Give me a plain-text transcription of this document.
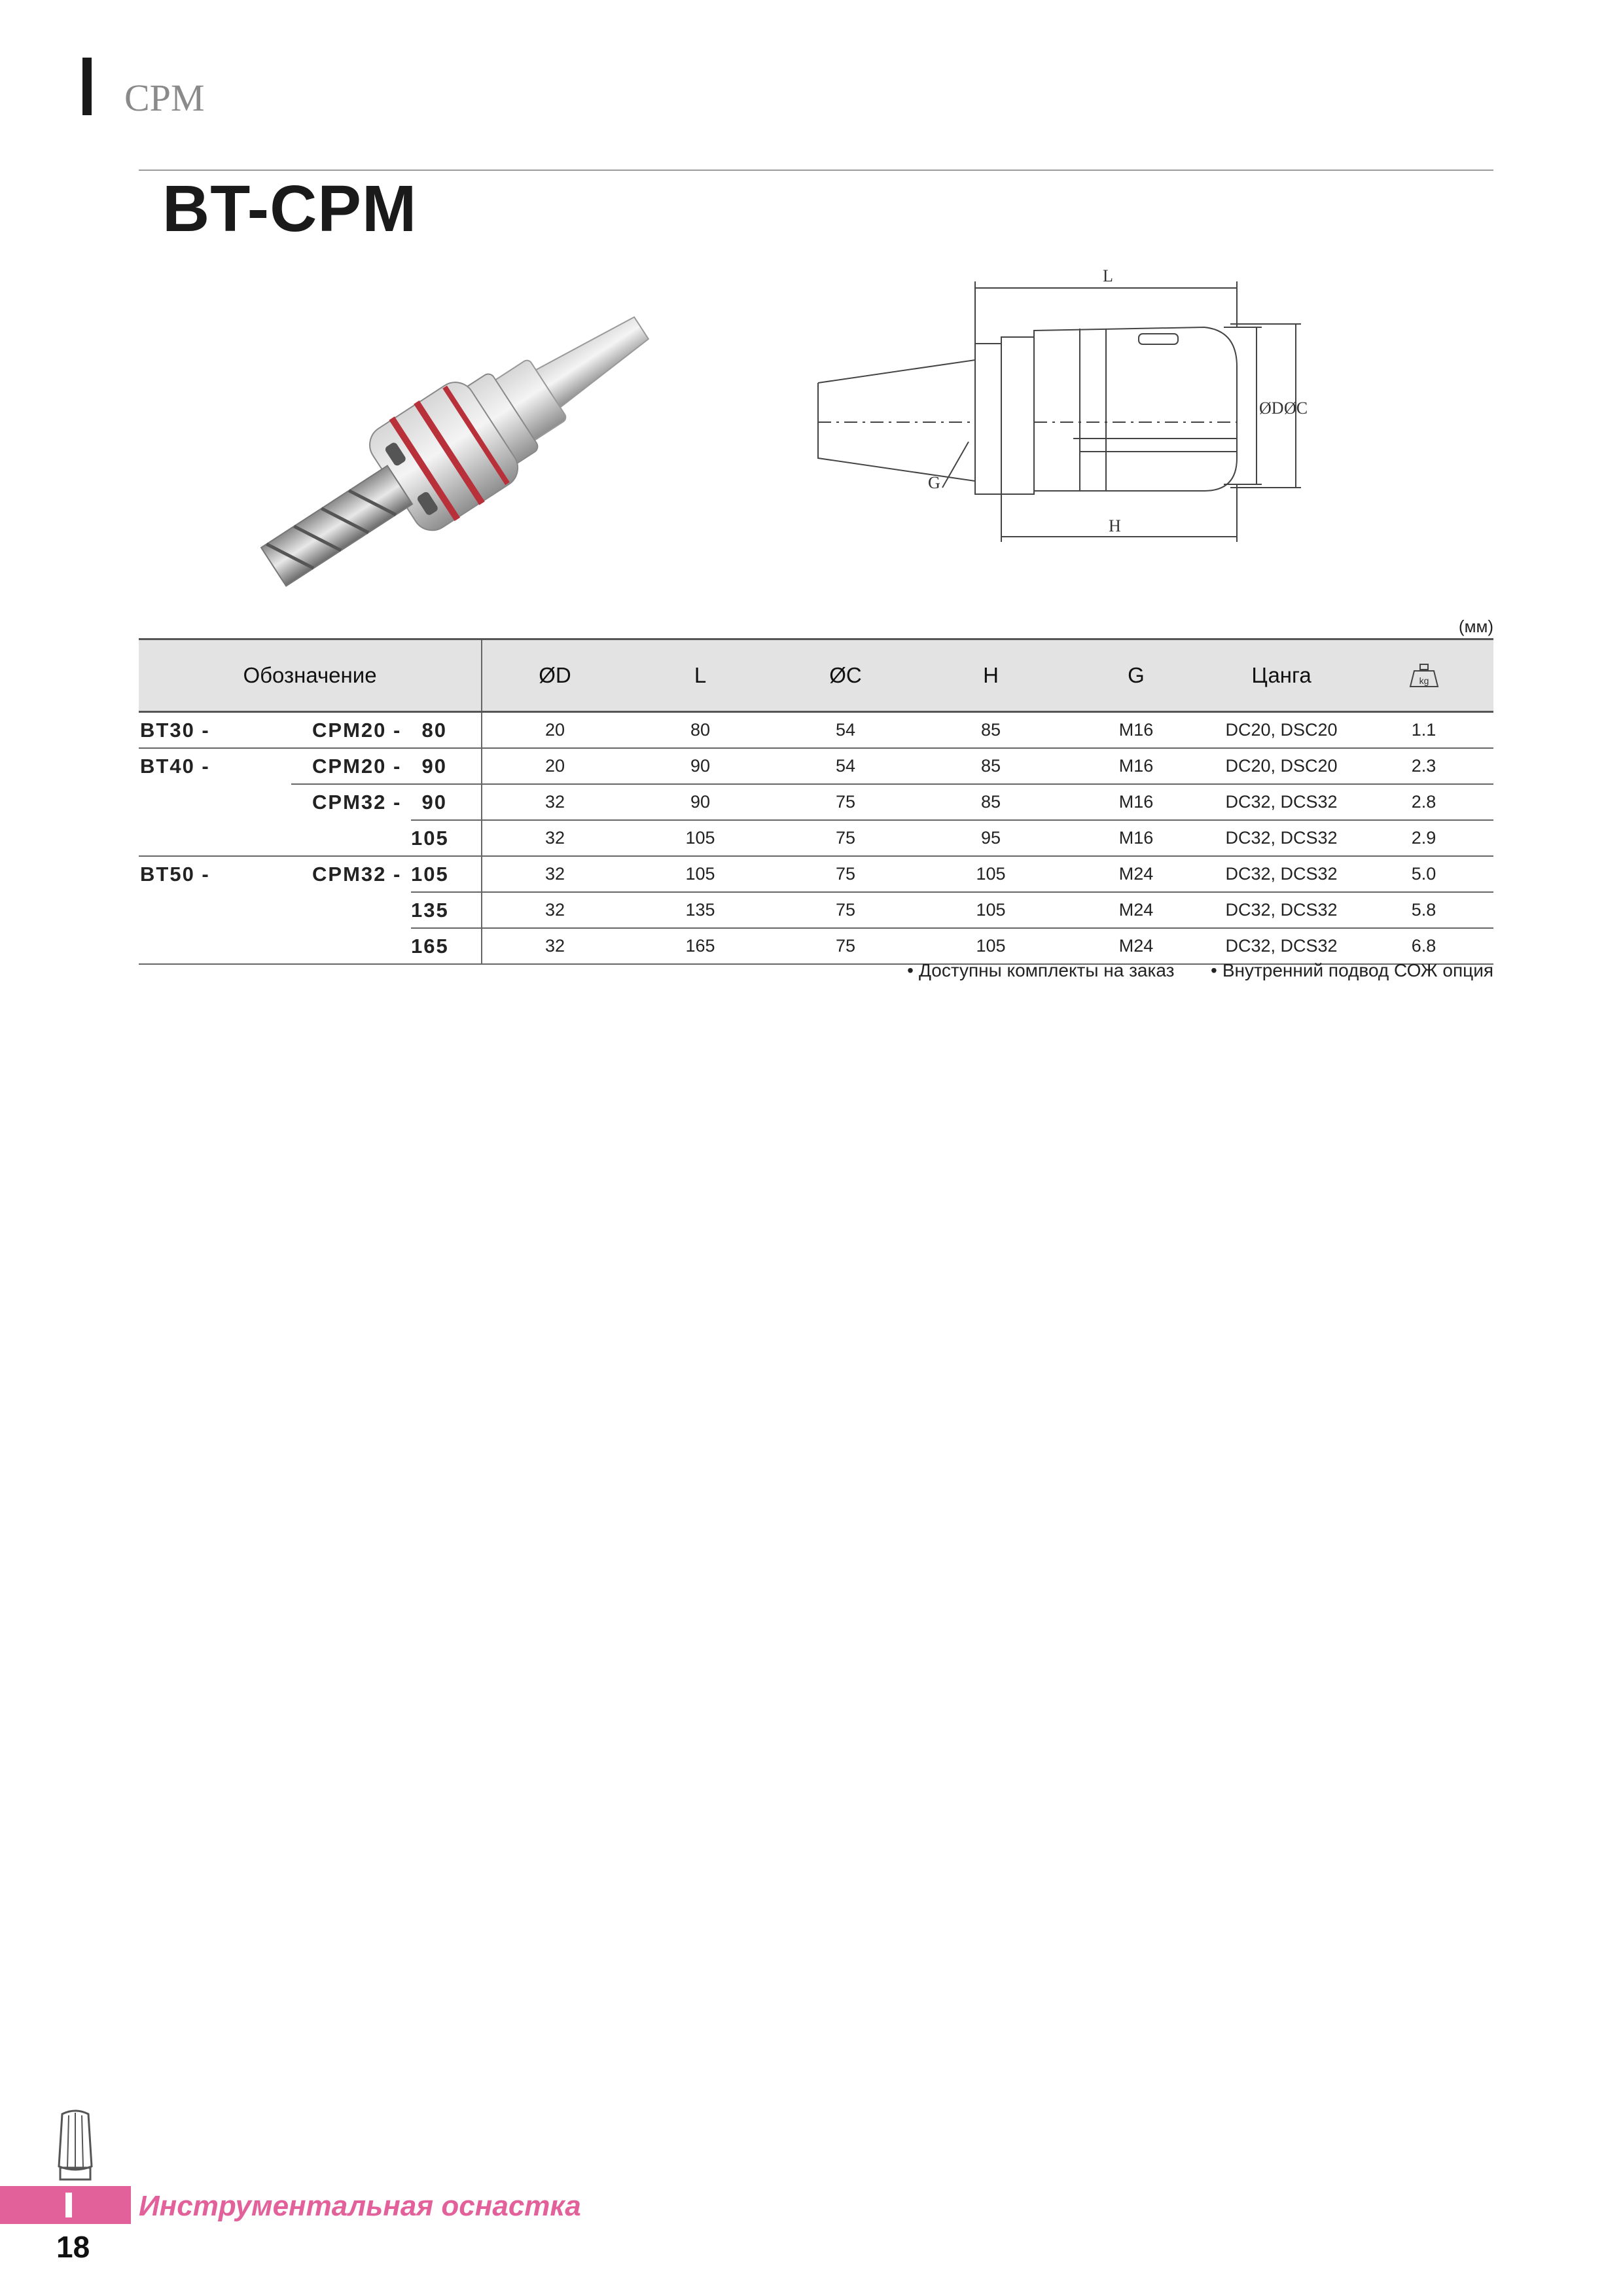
CPM
BT-CPM
L
H
ØD ØC
G
(мм)
Обозначение			ØD	L	ØC	H	G	Цанга	kg

BT30 -	CPM20 -	80	20	80	54	85	M16	DC20, DSC20	1.1
BT40 -	CPM20 -	90	20	90	54	85	M16	DC20, DSC20	2.3
	CPM32 -	90	32	90	75	85	M16	DC32, DCS32	2.8
		105	32	105	75	95	M16	DC32, DCS32	2.9
BT50 -	CPM32 -	105	32	105	75	105	M24	DC32, DCS32	5.0
		135	32	135	75	105	M24	DC32, DCS32	5.8
		165	32	165	75	105	M24	DC32, DCS32	6.8
• Доступны комплекты на заказ • Внутренний подвод СОЖ опция
Инструментальная оснастка
18
